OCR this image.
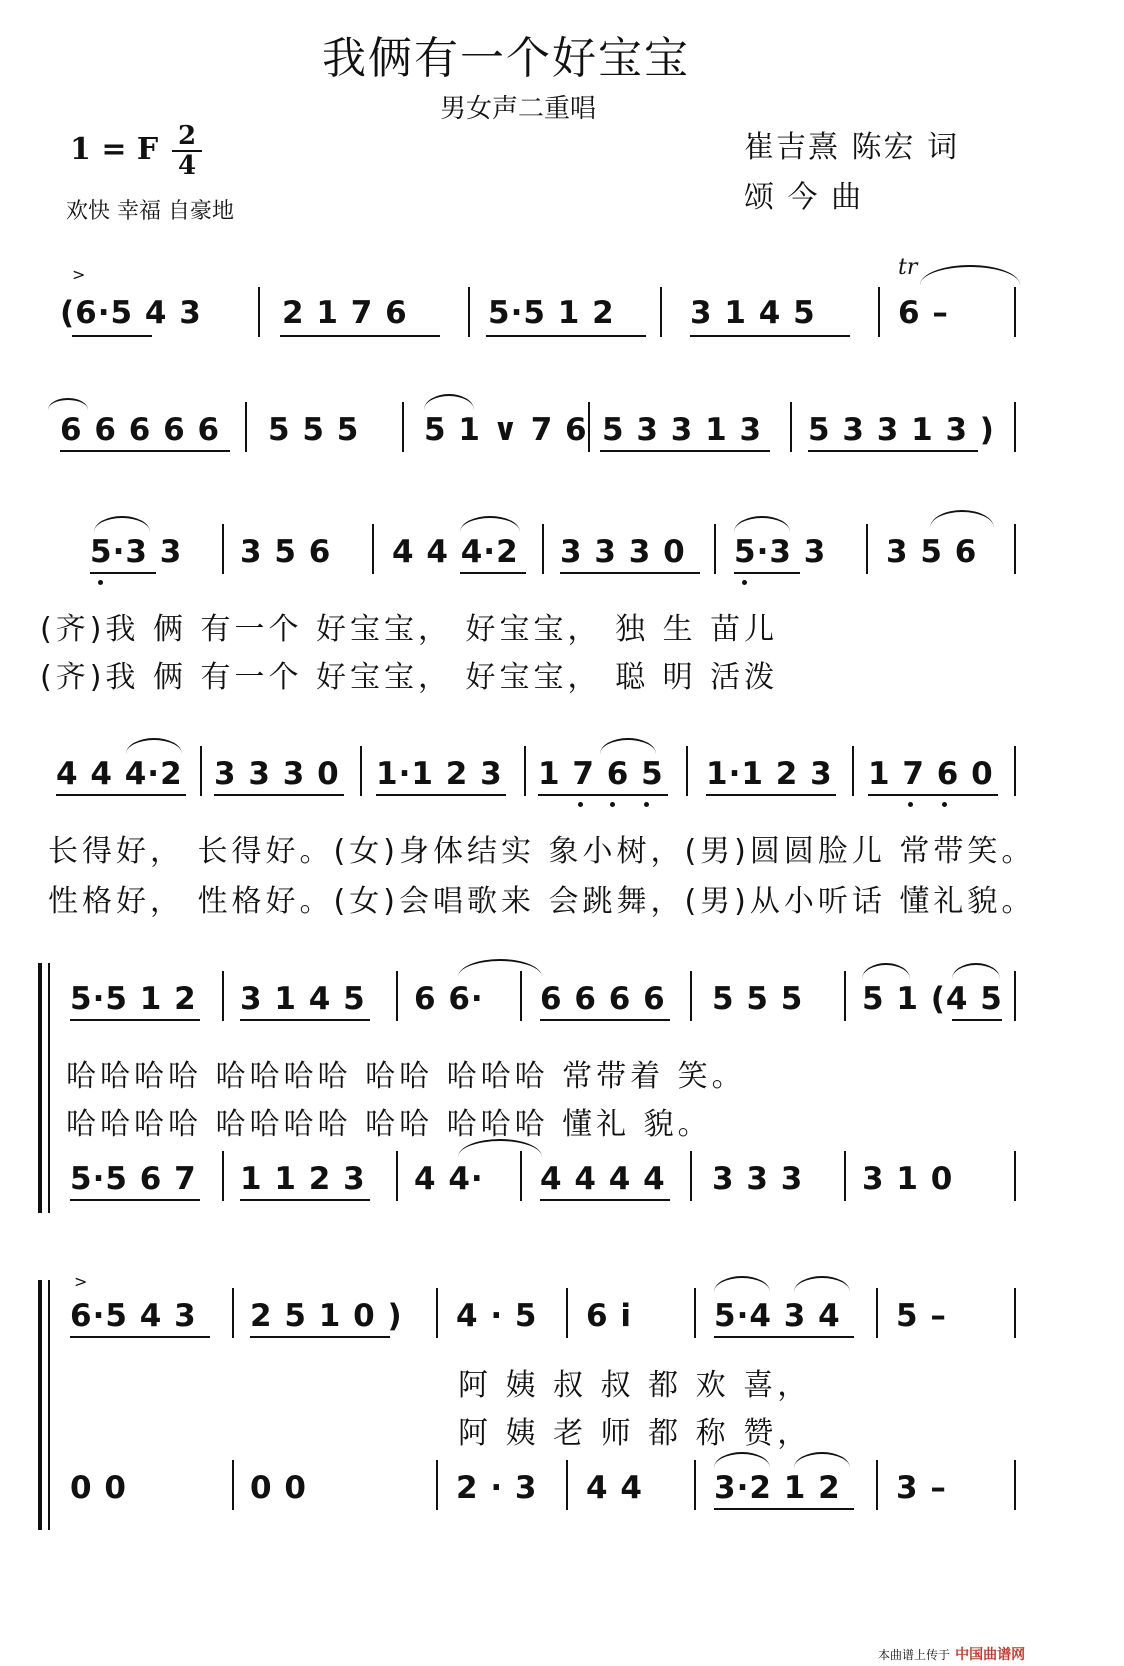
我俩有一个好宝宝
男女声二重唱
1 = F 2
4
欢快 幸福 自豪地
崔吉熹 陈宏 词
颂 今 曲
>	tr
(6·5 4 3	2 1 7 6	5·5 1 2 3 1 4 5	6 –
6 6 6 6 6 5 5 5 5 1 ∨ 7 6 5 3 3 1 3 5 3 3 1 3 )
5·3 3 3 5 6 4 4 4·2 3 3 3 0 5·3 3 3 5 6
(齐)我 俩 有一个 好宝宝， 好宝宝， 独 生 苗儿
(齐)我 俩 有一个 好宝宝， 好宝宝， 聪 明 活泼
4 4 4·2 3 3 3 0 1·1 2 3 1 7 6 5 1·1 2 3 1 7 6 0
长得好， 长得好。(女)身体结实 象小树，(男)圆圆脸儿 常带笑。
性格好， 性格好。(女)会唱歌来 会跳舞，(男)从小听话 懂礼貌。
5·5 1 2 3 1 4 5 6 6· 6 6 6 6 5 5 5 5 1 (4 5
哈哈哈哈 哈哈哈哈 哈哈 哈哈哈 常带着 笑。
哈哈哈哈 哈哈哈哈 哈哈 哈哈哈 懂礼 貌。
5·5 6 7 1 1 2 3 4 4· 4 4 4 4 3 3 3 3 1 0
>
6·5 4 3 2 5 1 0 ) 4 · 5 6 i	5·4 3 4 5 –
阿 姨 叔 叔 都 欢 喜，
阿 姨 老 师 都 称 赞，
0 0	0 0	2 · 3 4 4 3·2 1 2 3 –
本曲谱上传于 中国曲谱网
